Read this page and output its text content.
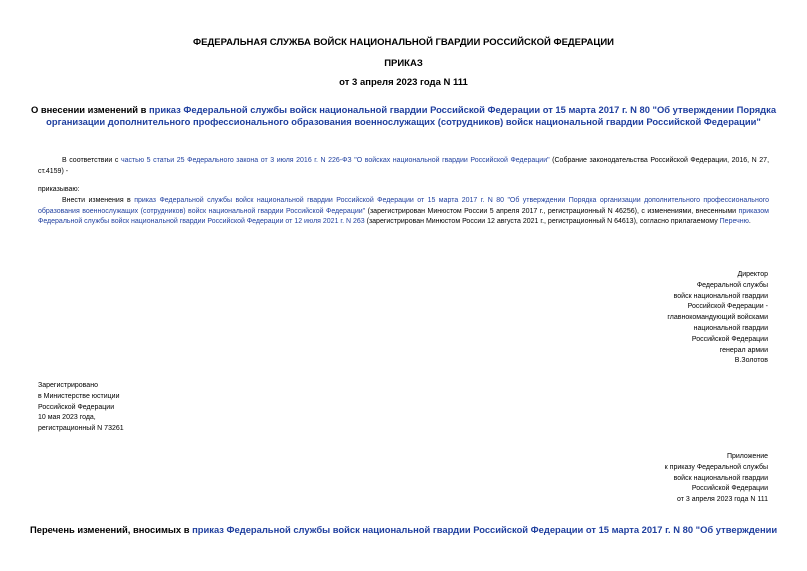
ФЕДЕРАЛЬНАЯ СЛУЖБА ВОЙСК НАЦИОНАЛЬНОЙ ГВАРДИИ РОССИЙСКОЙ ФЕДЕРАЦИИ
ПРИКАЗ
от 3 апреля 2023 года N 111
О внесении изменений в приказ Федеральной службы войск национальной гвардии Российской Федерации от 15 марта 2017 г. N 80 "Об утверждении Порядка организации дополнительного профессионального образования военнослужащих (сотрудников) войск национальной гвардии Российской Федерации"
В соответствии с частью 5 статьи 25 Федерального закона от 3 июля 2016 г. N 226-ФЗ "О войсках национальной гвардии Российской Федерации" (Собрание законодательства Российской Федерации, 2016, N 27, ст.4159) -
приказываю:
Внести изменения в приказ Федеральной службы войск национальной гвардии Российской Федерации от 15 марта 2017 г. N 80 "Об утверждении Порядка организации дополнительного профессионального образования военнослужащих (сотрудников) войск национальной гвардии Российской Федерации" (зарегистрирован Минюстом России 5 апреля 2017 г., регистрационный N 46256), с изменениями, внесенными приказом Федеральной службы войск национальной гвардии Российской Федерации от 12 июля 2021 г. N 263 (зарегистрирован Минюстом России 12 августа 2021 г., регистрационный N 64613), согласно прилагаемому Перечню.
Директор
Федеральной службы
войск национальной гвардии
Российской Федерации -
главнокомандующий войсками
национальной гвардии
Российской Федерации
генерал армии
В.Золотов
Зарегистрировано
в Министерстве юстиции
Российской Федерации
10 мая 2023 года,
регистрационный N 73261
Приложение
к приказу Федеральной службы
войск национальной гвардии
Российской Федерации
от 3 апреля 2023 года N 111
Перечень изменений, вносимых в приказ Федеральной службы войск национальной гвардии Российской Федерации от 15 марта 2017 г. N 80 "Об утверждении
